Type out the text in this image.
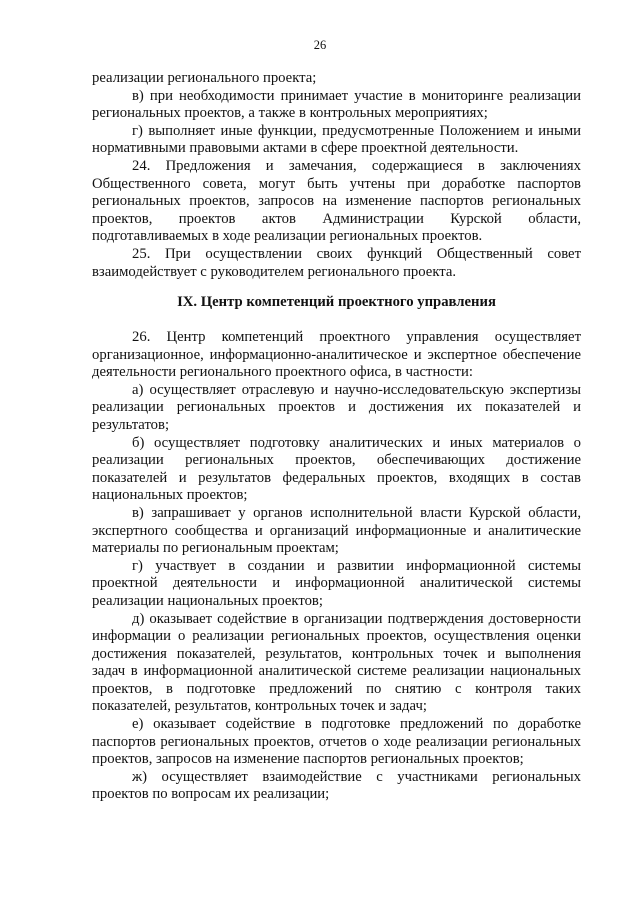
26

реализации регионального проекта;

в) при необходимости принимает участие в мониторинге реализации региональных проектов, а также в контрольных мероприятиях;

г) выполняет иные функции, предусмотренные Положением и иными нормативными правовыми актами в сфере проектной деятельности.

24. Предложения и замечания, содержащиеся в заключениях Общественного совета, могут быть учтены при доработке паспортов региональных проектов, запросов на изменение паспортов региональных проектов, проектов актов Администрации Курской области, подготавливаемых в ходе реализации региональных проектов.

25. При осуществлении своих функций Общественный совет взаимодействует с руководителем регионального проекта.

IX. Центр компетенций проектного управления

26. Центр компетенций проектного управления осуществляет организационное, информационно-аналитическое и экспертное обеспечение деятельности регионального проектного офиса, в частности:

а) осуществляет отраслевую и научно-исследовательскую экспертизы реализации региональных проектов и достижения их показателей и результатов;

б) осуществляет подготовку аналитических и иных материалов о реализации региональных проектов, обеспечивающих достижение показателей и результатов федеральных проектов, входящих в состав национальных проектов;

в) запрашивает у органов исполнительной власти Курской области, экспертного сообщества и организаций информационные и аналитические материалы по региональным проектам;

г) участвует в создании и развитии информационной системы проектной деятельности и информационной аналитической системы реализации национальных проектов;

д) оказывает содействие в организации подтверждения достоверности информации о реализации региональных проектов, осуществления оценки достижения показателей, результатов, контрольных точек и выполнения задач в информационной аналитической системе реализации национальных проектов, в подготовке предложений по снятию с контроля таких показателей, результатов, контрольных точек и задач;

е) оказывает содействие в подготовке предложений по доработке паспортов региональных проектов, отчетов о ходе реализации региональных проектов, запросов на изменение паспортов региональных проектов;

ж) осуществляет взаимодействие с участниками региональных проектов по вопросам их реализации;
